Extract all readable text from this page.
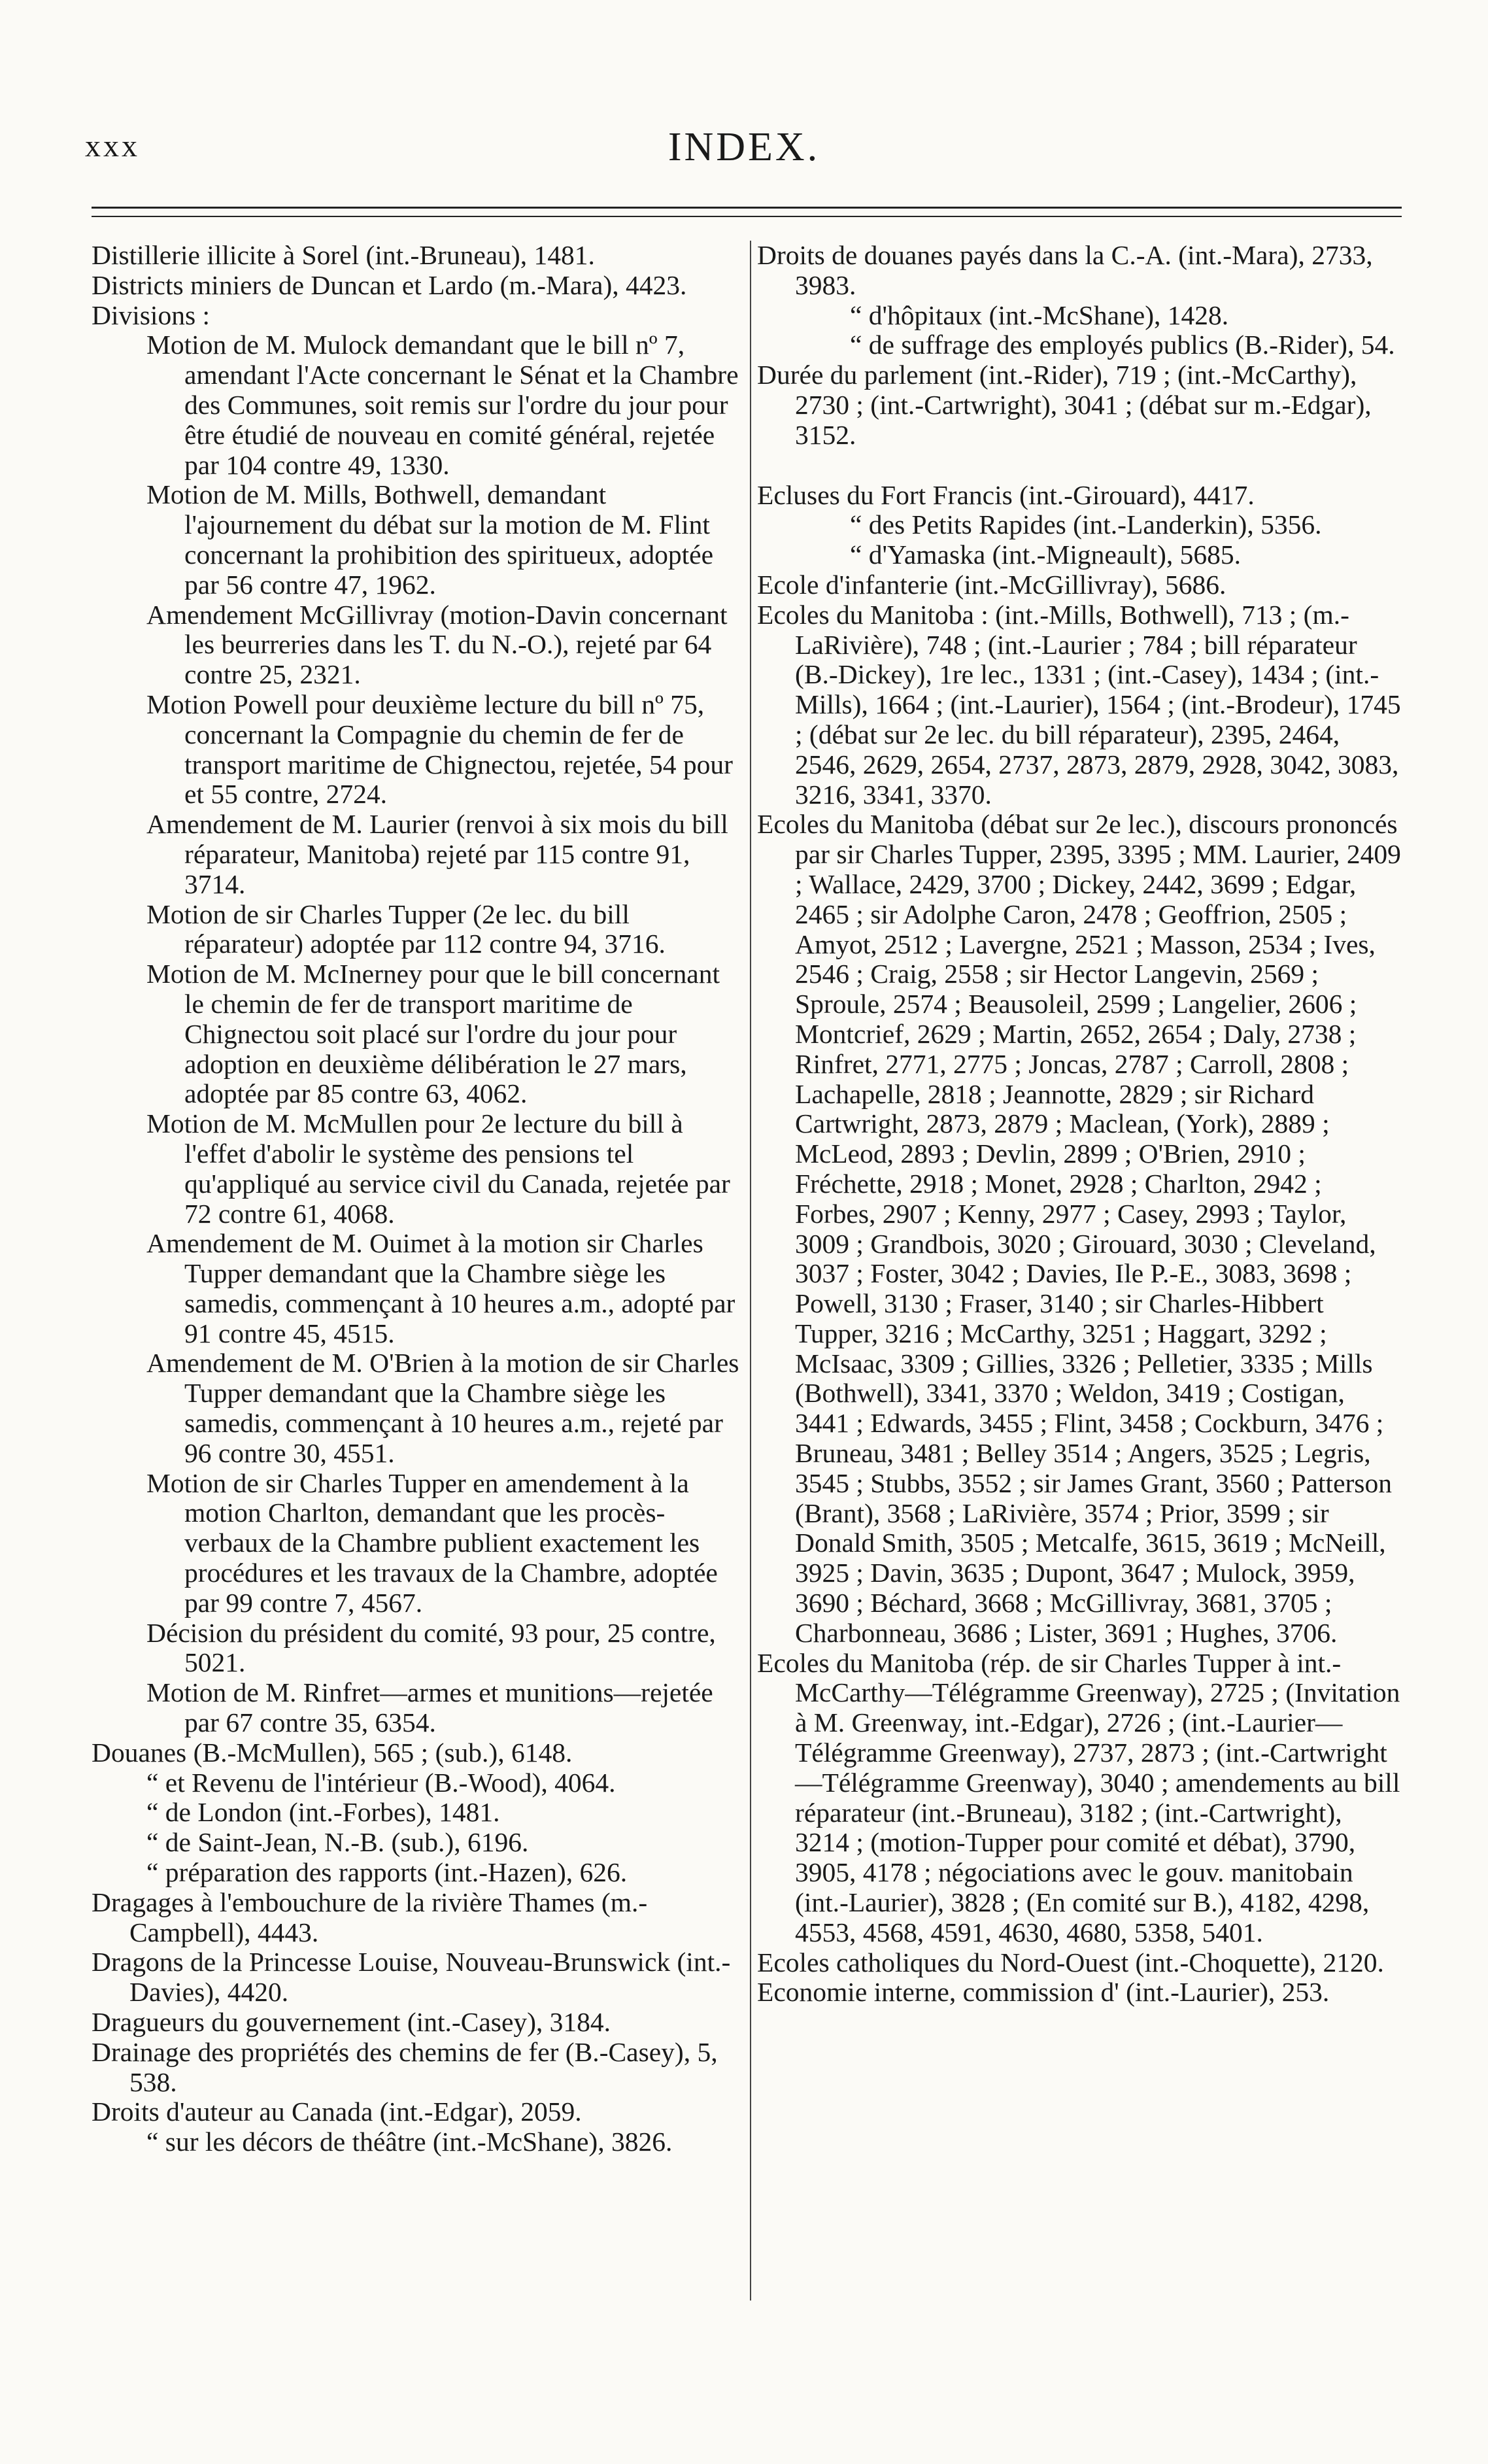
xxx	INDEX.
Distillerie illicite à Sorel (int.-Bruneau), 1481.
Districts miniers de Duncan et Lardo (m.-Mara), 4423.
Divisions :
Motion de M. Mulock demandant que le bill nº 7, amendant l'Acte concernant le Sénat et la Chambre des Communes, soit remis sur l'ordre du jour pour être étudié de nouveau en comité général, rejetée par 104 contre 49, 1330.
Motion de M. Mills, Bothwell, demandant l'ajournement du débat sur la motion de M. Flint concernant la prohibition des spiritueux, adoptée par 56 contre 47, 1962.
Amendement McGillivray (motion-Davin concernant les beurreries dans les T. du N.-O.), rejeté par 64 contre 25, 2321.
Motion Powell pour deuxième lecture du bill nº 75, concernant la Compagnie du chemin de fer de transport maritime de Chignectou, rejetée, 54 pour et 55 contre, 2724.
Amendement de M. Laurier (renvoi à six mois du bill réparateur, Manitoba) rejeté par 115 contre 91, 3714.
Motion de sir Charles Tupper (2e lec. du bill réparateur) adoptée par 112 contre 94, 3716.
Motion de M. McInerney pour que le bill concernant le chemin de fer de transport maritime de Chignectou soit placé sur l'ordre du jour pour adoption en deuxième délibération le 27 mars, adoptée par 85 contre 63, 4062.
Motion de M. McMullen pour 2e lecture du bill à l'effet d'abolir le système des pensions tel qu'appliqué au service civil du Canada, rejetée par 72 contre 61, 4068.
Amendement de M. Ouimet à la motion sir Charles Tupper demandant que la Chambre siège les samedis, commençant à 10 heures a.m., adopté par 91 contre 45, 4515.
Amendement de M. O'Brien à la motion de sir Charles Tupper demandant que la Chambre siège les samedis, commençant à 10 heures a.m., rejeté par 96 contre 30, 4551.
Motion de sir Charles Tupper en amendement à la motion Charlton, demandant que les procès-verbaux de la Chambre publient exactement les procédures et les travaux de la Chambre, adoptée par 99 contre 7, 4567.
Décision du président du comité, 93 pour, 25 contre, 5021.
Motion de M. Rinfret—armes et munitions—rejetée par 67 contre 35, 6354.
Douanes (B.-McMullen), 565 ; (sub.), 6148.
“ et Revenu de l'intérieur (B.-Wood), 4064.
“ de London (int.-Forbes), 1481.
“ de Saint-Jean, N.-B. (sub.), 6196.
“ préparation des rapports (int.-Hazen), 626.
Dragages à l'embouchure de la rivière Thames (m.-Campbell), 4443.
Dragons de la Princesse Louise, Nouveau-Brunswick (int.-Davies), 4420.
Dragueurs du gouvernement (int.-Casey), 3184.
Drainage des propriétés des chemins de fer (B.-Casey), 5, 538.
Droits d'auteur au Canada (int.-Edgar), 2059.
“ sur les décors de théâtre (int.-McShane), 3826.
Droits de douanes payés dans la C.-A. (int.-Mara), 2733, 3983.
“ d'hôpitaux (int.-McShane), 1428.
“ de suffrage des employés publics (B.-Rider), 54.
Durée du parlement (int.-Rider), 719 ; (int.-McCarthy), 2730 ; (int.-Cartwright), 3041 ; (débat sur m.-Edgar), 3152.
Ecluses du Fort Francis (int.-Girouard), 4417.
“ des Petits Rapides (int.-Landerkin), 5356.
“ d'Yamaska (int.-Migneault), 5685.
Ecole d'infanterie (int.-McGillivray), 5686.
Ecoles du Manitoba : (int.-Mills, Bothwell), 713 ; (m.-LaRivière), 748 ; (int.-Laurier ; 784 ; bill réparateur (B.-Dickey), 1re lec., 1331 ; (int.-Casey), 1434 ; (int.-Mills), 1664 ; (int.-Laurier), 1564 ; (int.-Brodeur), 1745 ; (débat sur 2e lec. du bill réparateur), 2395, 2464, 2546, 2629, 2654, 2737, 2873, 2879, 2928, 3042, 3083, 3216, 3341, 3370.
Ecoles du Manitoba (débat sur 2e lec.), discours prononcés par sir Charles Tupper, 2395, 3395 ; MM. Laurier, 2409 ; Wallace, 2429, 3700 ; Dickey, 2442, 3699 ; Edgar, 2465 ; sir Adolphe Caron, 2478 ; Geoffrion, 2505 ; Amyot, 2512 ; Lavergne, 2521 ; Masson, 2534 ; Ives, 2546 ; Craig, 2558 ; sir Hector Langevin, 2569 ; Sproule, 2574 ; Beausoleil, 2599 ; Langelier, 2606 ; Montcrief, 2629 ; Martin, 2652, 2654 ; Daly, 2738 ; Rinfret, 2771, 2775 ; Joncas, 2787 ; Carroll, 2808 ; Lachapelle, 2818 ; Jeannotte, 2829 ; sir Richard Cartwright, 2873, 2879 ; Maclean, (York), 2889 ; McLeod, 2893 ; Devlin, 2899 ; O'Brien, 2910 ; Fréchette, 2918 ; Monet, 2928 ; Charlton, 2942 ; Forbes, 2907 ; Kenny, 2977 ; Casey, 2993 ; Taylor, 3009 ; Grandbois, 3020 ; Girouard, 3030 ; Cleveland, 3037 ; Foster, 3042 ; Davies, Ile P.-E., 3083, 3698 ; Powell, 3130 ; Fraser, 3140 ; sir Charles-Hibbert Tupper, 3216 ; McCarthy, 3251 ; Haggart, 3292 ; McIsaac, 3309 ; Gillies, 3326 ; Pelletier, 3335 ; Mills (Bothwell), 3341, 3370 ; Weldon, 3419 ; Costigan, 3441 ; Edwards, 3455 ; Flint, 3458 ; Cockburn, 3476 ; Bruneau, 3481 ; Belley 3514 ; Angers, 3525 ; Legris, 3545 ; Stubbs, 3552 ; sir James Grant, 3560 ; Patterson (Brant), 3568 ; LaRivière, 3574 ; Prior, 3599 ; sir Donald Smith, 3505 ; Metcalfe, 3615, 3619 ; McNeill, 3925 ; Davin, 3635 ; Dupont, 3647 ; Mulock, 3959, 3690 ; Béchard, 3668 ; McGillivray, 3681, 3705 ; Charbonneau, 3686 ; Lister, 3691 ; Hughes, 3706.
Ecoles du Manitoba (rép. de sir Charles Tupper à int.-McCarthy—Télégramme Greenway), 2725 ; (Invitation à M. Greenway, int.-Edgar), 2726 ; (int.-Laurier—Télégramme Greenway), 2737, 2873 ; (int.-Cartwright—Télégramme Greenway), 3040 ; amendements au bill réparateur (int.-Bruneau), 3182 ; (int.-Cartwright), 3214 ; (motion-Tupper pour comité et débat), 3790, 3905, 4178 ; négociations avec le gouv. manitobain (int.-Laurier), 3828 ; (En comité sur B.), 4182, 4298, 4553, 4568, 4591, 4630, 4680, 5358, 5401.
Ecoles catholiques du Nord-Ouest (int.-Choquette), 2120.
Economie interne, commission d' (int.-Laurier), 253.
